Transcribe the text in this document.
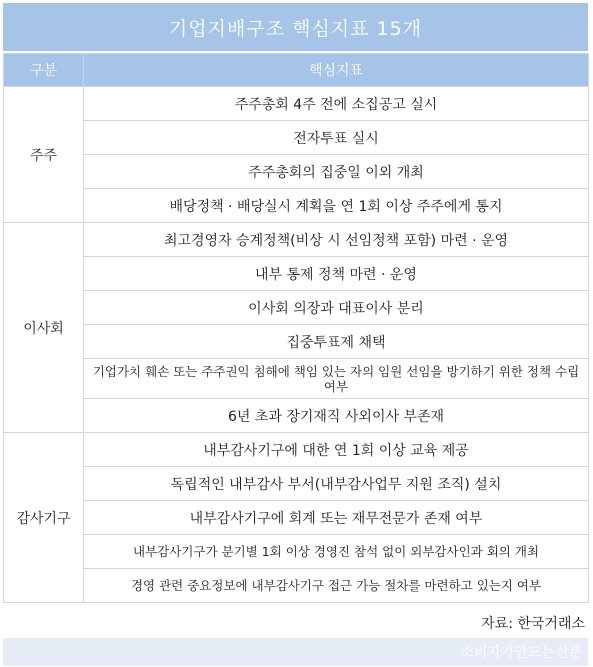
기업지배구조 핵심지표 15개
구분	핵심지표
주주	주주총회 4주 전에 소집공고 실시
	전자투표 실시
	주주총회의 집중일 이외 개최
	배당정책 · 배당실시 계획을 연 1회 이상 주주에게 통지
이사회	최고경영자 승계정책(비상 시 선임정책 포함) 마련 · 운영
	내부 통제 정책 마련 · 운영
	이사회 의장과 대표이사 분리
	집중투표제 채택
	기업가치 훼손 또는 주주권익 침해에 책임 있는 자의 임원 선임을 방기하기 위한 정책 수립 여부
	6년 초과 장기재직 사외이사 부존재
감사기구	내부감사기구에 대한 연 1회 이상 교육 제공
	독립적인 내부감사 부서(내부감사업무 지원 조직) 설치
	내부감사기구에 회계 또는 재무전문가 존재 여부
	내부감사기구가 분기별 1회 이상 경영진 참석 없이 외부감사인과 회의 개최
	경영 관련 중요정보에 내부감사기구 접근 가능 절차를 마련하고 있는지 여부
자료: 한국거래소
소비자가만드는신문
